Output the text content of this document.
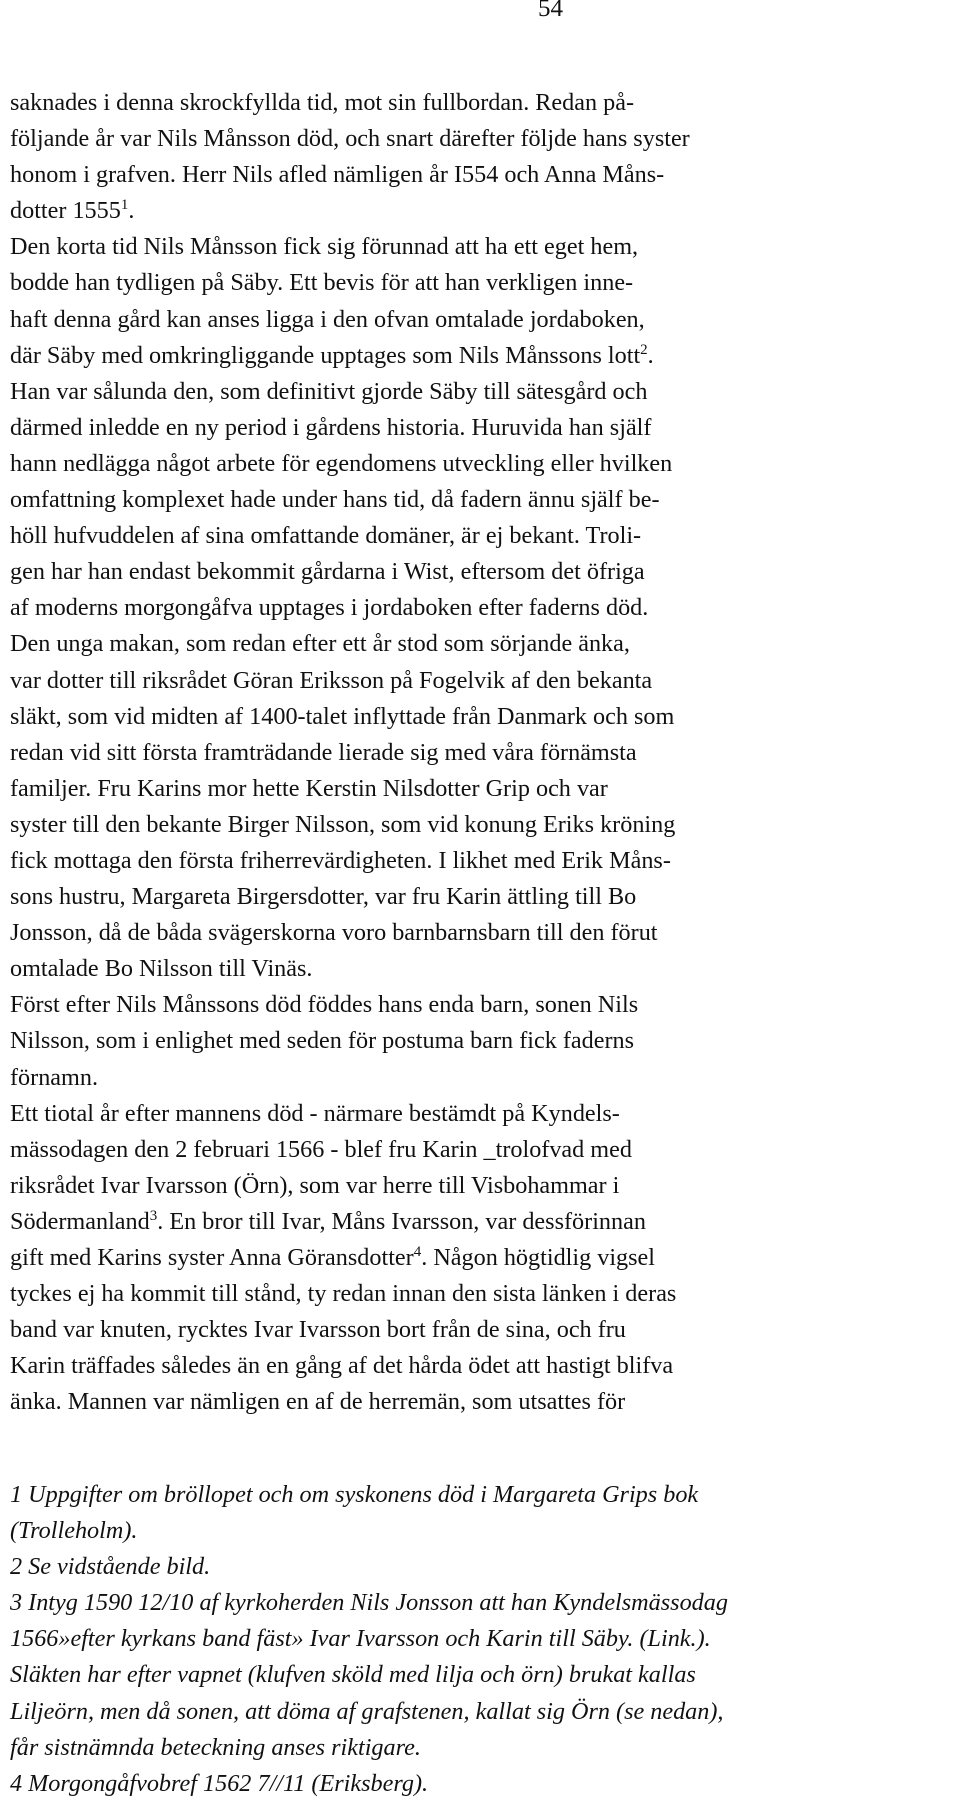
54
saknades i denna skrockfyllda tid, mot sin fullbordan. Redan på-
följande år var Nils Månsson död, och snart därefter följde hans syster
honom i grafven. Herr Nils afled nämligen år I554 och Anna Måns-
dotter 1555$^1$.
Den korta tid Nils Månsson fick sig förunnad att ha ett eget hem,
bodde han tydligen på Säby. Ett bevis för att han verkligen inne-
haft denna gård kan anses ligga i den ofvan omtalade jordaboken,
där Säby med omkringliggande upptages som Nils Månssons lott$^2$.
Han var sålunda den, som definitivt gjorde Säby till sätesgård och
därmed inledde en ny period i gårdens historia. Huruvida han själf
hann nedlägga något arbete för egendomens utveckling eller hvilken
omfattning komplexet hade under hans tid, då fadern ännu själf be-
höll hufvuddelen af sina omfattande domäner, är ej bekant. Troli-
gen har han endast bekommit gårdarna i Wist, eftersom det öfriga
af moderns morgongåfva upptages i jordaboken efter faderns död.
Den unga makan, som redan efter ett år stod som sörjande änka,
var dotter till riksrådet Göran Eriksson på Fogelvik af den bekanta
släkt, som vid midten af 1400-talet inflyttade från Danmark och som
redan vid sitt första framträdande lierade sig med våra förnämsta
familjer. Fru Karins mor hette Kerstin Nilsdotter Grip och var
syster till den bekante Birger Nilsson, som vid konung Eriks kröning
fick mottaga den första friherrevärdigheten. I likhet med Erik Måns-
sons hustru, Margareta Birgersdotter, var fru Karin ättling till Bo
Jonsson, då de båda svägerskorna voro barnbarnsbarn till den förut
omtalade Bo Nilsson till Vinäs.
Först efter Nils Månssons död föddes hans enda barn, sonen Nils
Nilsson, som i enlighet med seden för postuma barn fick faderns
förnamn.
Ett tiotal år efter mannens död - närmare bestämdt på Kyndels-
mässodagen den 2 februari 1566 - blef fru Karin _trolofvad med
riksrådet Ivar Ivarsson (Örn), som var herre till Visbohammar i
Södermanland$^3$. En bror till Ivar, Måns Ivarsson, var dessförinnan
gift med Karins syster Anna Göransdotter$^4$. Någon högtidlig vigsel
tyckes ej ha kommit till stånd, ty redan innan den sista länken i deras
band var knuten, rycktes Ivar Ivarsson bort från de sina, och fru
Karin träffades således än en gång af det hårda ödet att hastigt blifva
änka. Mannen var nämligen en af de herremän, som utsattes för
1 Uppgifter om bröllopet och om syskonens död i Margareta Grips bok
(Trolleholm).
2 Se vidstående bild.
3 Intyg 1590 12/10 af kyrkoherden Nils Jonsson att han Kyndelsmässodag
1566»efter kyrkans band fäst» Ivar Ivarsson och Karin till Säby. (Link.).
Släkten har efter vapnet (klufven sköld med lilja och örn) brukat kallas
Liljeörn, men då sonen, att döma af grafstenen, kallat sig Örn (se nedan),
får sistnämnda beteckning anses riktigare.
4 Morgongåfvobref 1562 7//11 (Eriksberg).
